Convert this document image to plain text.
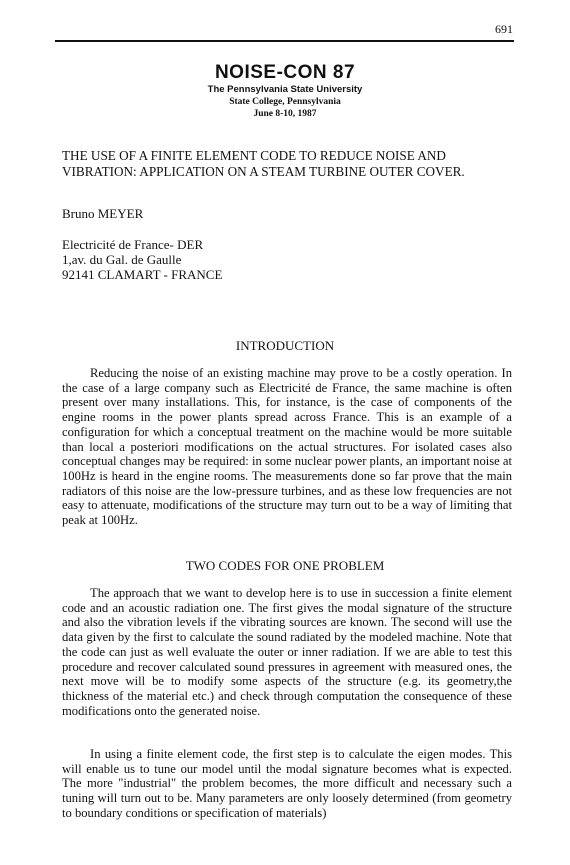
691
NOISE-CON 87
The Pennsylvania State University
State College, Pennsylvania
June 8-10, 1987
THE USE OF A FINITE ELEMENT CODE TO REDUCE NOISE AND VIBRATION: APPLICATION ON A STEAM TURBINE OUTER COVER.
Bruno MEYER
Electricité de France- DER
1,av. du Gal. de Gaulle
92141 CLAMART - FRANCE
INTRODUCTION

Reducing the noise of an existing machine may prove to be a costly operation. In the case of a large company such as Electricité de France, the same machine is often present over many installations. This, for instance, is the case of components of the engine rooms in the power plants spread across France. This is an example of a configuration for which a conceptual treatment on the machine would be more suitable than local a posteriori modifications on the actual structures. For isolated cases also conceptual changes may be required: in some nuclear power plants, an important noise at 100Hz is heard in the engine rooms. The measurements done so far prove that the main radiators of this noise are the low-pressure turbines, and as these low frequencies are not easy to attenuate, modifications of the structure may turn out to be a way of limiting that peak at 100Hz.

TWO CODES FOR ONE PROBLEM

The approach that we want to develop here is to use in succession a finite element code and an acoustic radiation one. The first gives the modal signature of the structure and also the vibration levels if the vibrating sources are known. The second will use the data given by the first to calculate the sound radiated by the modeled machine. Note that the code can just as well evaluate the outer or inner radiation. If we are able to test this procedure and recover calculated sound pressures in agreement with measured ones, the next move will be to modify some aspects of the structure (e.g. its geometry,the thickness of the material etc.) and check through computation the consequence of these modifications onto the generated noise.

In using a finite element code, the first step is to calculate the eigen modes. This will enable us to tune our model until the modal signature becomes what is expected. The more "industrial" the problem becomes, the more difficult and necessary such a tuning will turn out to be. Many parameters are only loosely determined (from geometry to boundary conditions or specification of materials)
